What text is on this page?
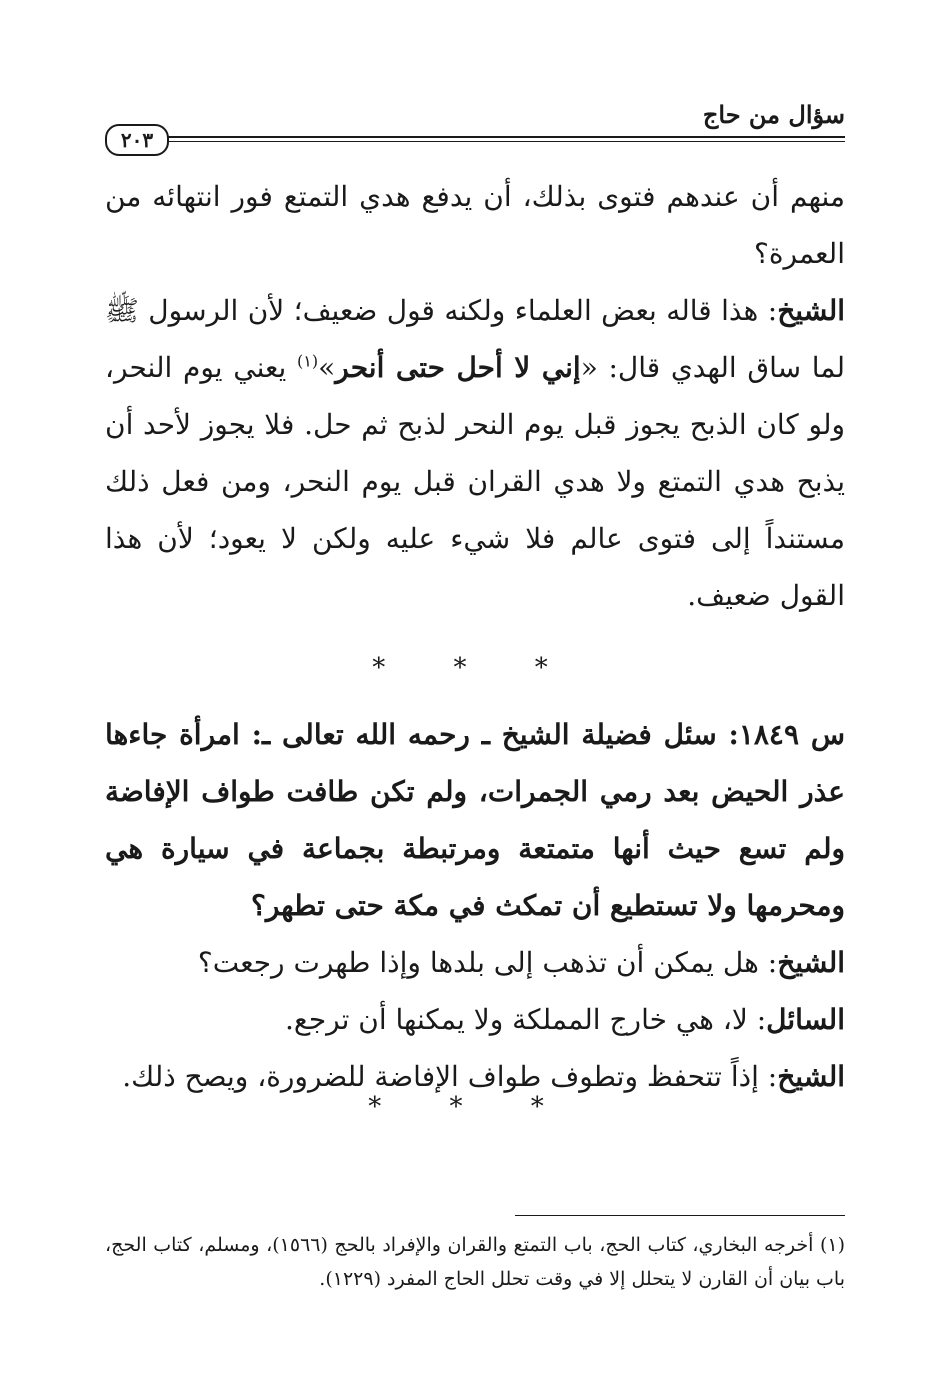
سؤال من حاج
٢٠٣

منهم أن عندهم فتوى بذلك، أن يدفع هدي التمتع فور انتهائه من العمرة؟

الشيخ: هذا قاله بعض العلماء ولكنه قول ضعيف؛ لأن الرسول ﷺ لما ساق الهدي قال: «إني لا أحل حتى أنحر»$^{(١)}$ يعني يوم النحر، ولو كان الذبح يجوز قبل يوم النحر لذبح ثم حل. فلا يجوز لأحد أن يذبح هدي التمتع ولا هدي القران قبل يوم النحر، ومن فعل ذلك مستنداً إلى فتوى عالم فلا شيء عليه ولكن لا يعود؛ لأن هذا القول ضعيف.

* * *

س ١٨٤٩: سئل فضيلة الشيخ ـ رحمه الله تعالى ـ: امرأة جاءها عذر الحيض بعد رمي الجمرات، ولم تكن طافت طواف الإفاضة ولم تسع حيث أنها متمتعة ومرتبطة بجماعة في سيارة هي ومحرمها ولا تستطيع أن تمكث في مكة حتى تطهر؟

الشيخ: هل يمكن أن تذهب إلى بلدها وإذا طهرت رجعت؟

السائل: لا، هي خارج المملكة ولا يمكنها أن ترجع.

الشيخ: إذاً تتحفظ وتطوف طواف الإفاضة للضرورة، ويصح ذلك.

* * *

(١) أخرجه البخاري، كتاب الحج، باب التمتع والقران والإفراد بالحج (١٥٦٦)، ومسلم، كتاب الحج، باب بيان أن القارن لا يتحلل إلا في وقت تحلل الحاج المفرد (١٢٢٩).
